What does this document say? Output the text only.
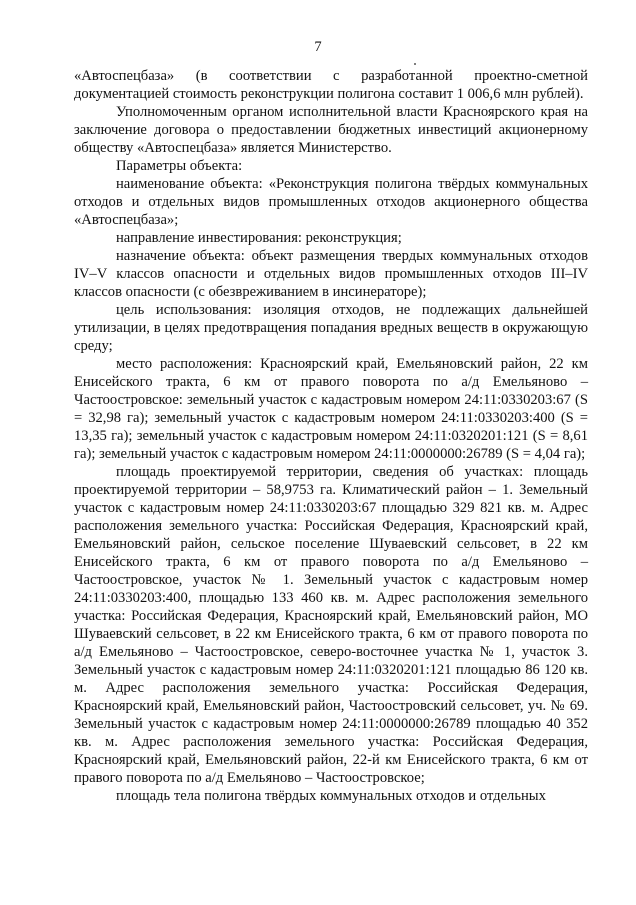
7

«Автоспецбаза» (в соответствии с разработанной проектно-сметной документацией стоимость реконструкции полигона составит 1 006,6 млн рублей).

Уполномоченным органом исполнительной власти Красноярского края на заключение договора о предоставлении бюджетных инвестиций акционерному обществу «Автоспецбаза» является Министерство.

Параметры объекта:

наименование объекта: «Реконструкция полигона твёрдых коммунальных отходов и отдельных видов промышленных отходов акционерного общества «Автоспецбаза»;

направление инвестирования: реконструкция;

назначение объекта: объект размещения твердых коммунальных отходов IV–V классов опасности и отдельных видов промышленных отходов III–IV классов опасности (с обезвреживанием в инсинераторе);

цель использования: изоляция отходов, не подлежащих дальнейшей утилизации, в целях предотвращения попадания вредных веществ в окружающую среду;

место расположения: Красноярский край, Емельяновский район, 22 км Енисейского тракта, 6 км от правого поворота по а/д Емельяново – Частоостровское: земельный участок с кадастровым номером 24:11:0330203:67 (S = 32,98 га); земельный участок с кадастровым номером 24:11:0330203:400 (S = 13,35 га); земельный участок с кадастровым номером 24:11:0320201:121 (S = 8,61 га); земельный участок с кадастровым номером 24:11:0000000:26789 (S = 4,04 га);

площадь проектируемой территории, сведения об участках: площадь проектируемой территории – 58,9753 га. Климатический район – 1. Земельный участок с кадастровым номер 24:11:0330203:67 площадью 329 821 кв. м. Адрес расположения земельного участка: Российская Федерация, Красноярский край, Емельяновский район, сельское поселение Шуваевский сельсовет, в 22 км Енисейского тракта, 6 км от правого поворота по а/д Емельяново – Частоостровское, участок № 1. Земельный участок с кадастровым номер 24:11:0330203:400, площадью 133 460 кв. м. Адрес расположения земельного участка: Российская Федерация, Красноярский край, Емельяновский район, МО Шуваевский сельсовет, в 22 км Енисейского тракта, 6 км от правого поворота по а/д Емельяново – Частоостровское, северо-восточнее участка № 1, участок 3. Земельный участок с кадастровым номер 24:11:0320201:121 площадью 86 120 кв. м. Адрес расположения земельного участка: Российская Федерация, Красноярский край, Емельяновский район, Частоостровский сельсовет, уч. № 69. Земельный участок с кадастровым номер 24:11:0000000:26789 площадью 40 352 кв. м. Адрес расположения земельного участка: Российская Федерация, Красноярский край, Емельяновский район, 22-й км Енисейского тракта, 6 км от правого поворота по а/д Емельяново – Частоостровское;

площадь тела полигона твёрдых коммунальных отходов и отдельных
